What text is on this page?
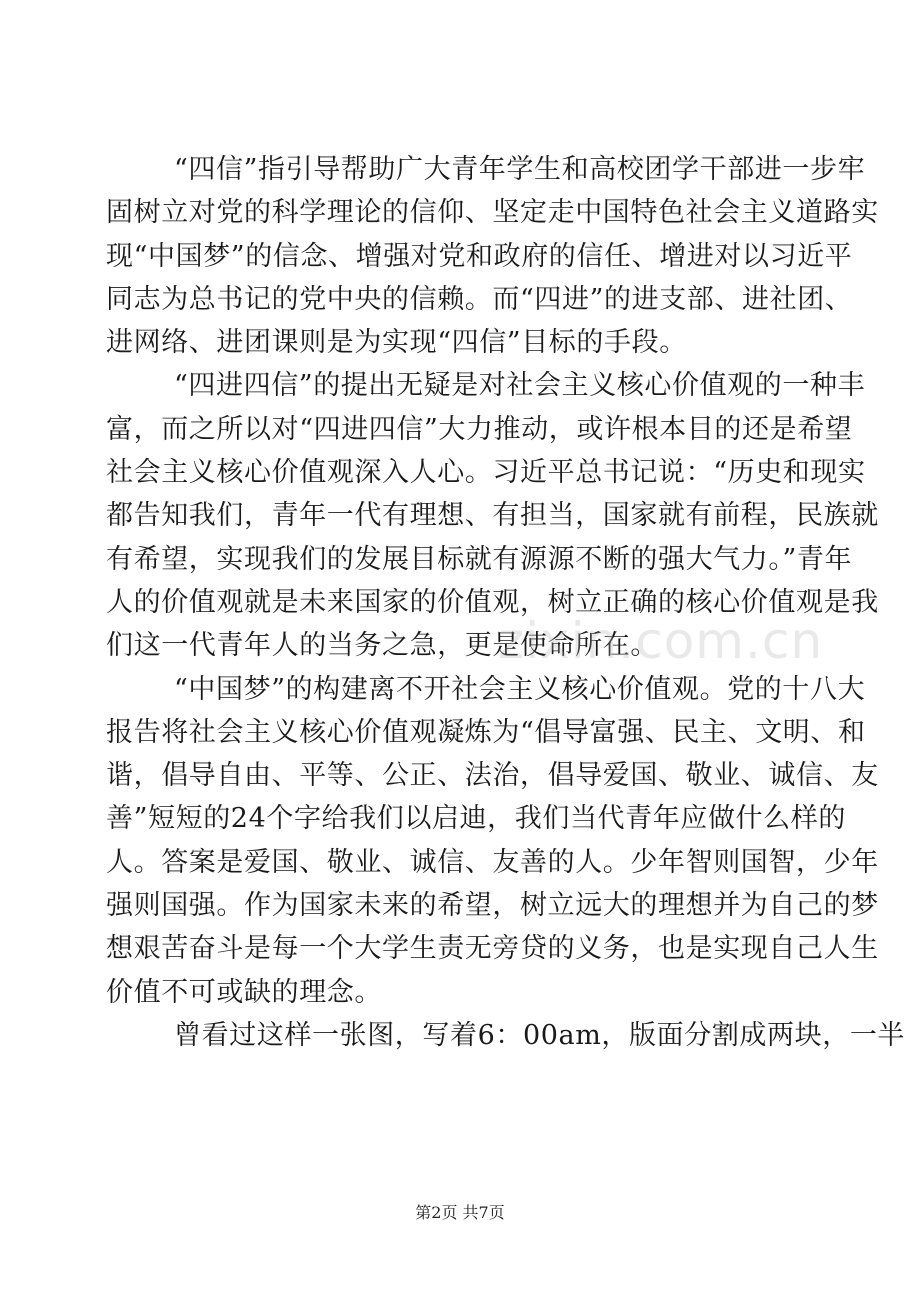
“四信”指引导帮助广大青年学生和高校团学干部进一步牢
固树立对党的科学理论的信仰、坚定走中国特色社会主义道路实
现“中国梦”的信念、增强对党和政府的信任、增进对以习近平
同志为总书记的党中央的信赖。而“四进”的进支部、进社团、
进网络、进团课则是为实现“四信”目标的手段。
“四进四信”的提出无疑是对社会主义核心价值观的一种丰
富，而之所以对“四进四信”大力推动，或许根本目的还是希望
社会主义核心价值观深入人心。习近平总书记说：“历史和现实
都告知我们，青年一代有理想、有担当，国家就有前程，民族就
有希望，实现我们的发展目标就有源源不断的强大气力。”青年
人的价值观就是未来国家的价值观，树立正确的核心价值观是我
们这一代青年人的当务之急，更是使命所在。
“中国梦”的构建离不开社会主义核心价值观。党的十八大
报告将社会主义核心价值观凝炼为“倡导富强、民主、文明、和
谐，倡导自由、平等、公正、法治，倡导爱国、敬业、诚信、友
善”短短的24个字给我们以启迪，我们当代青年应做什么样的
人。答案是爱国、敬业、诚信、友善的人。少年智则国智，少年
强则国强。作为国家未来的希望，树立远大的理想并为自己的梦
想艰苦奋斗是每一个大学生责无旁贷的义务，也是实现自己人生
价值不可或缺的理念。
曾看过这样一张图，写着6：00am，版面分割成两块，一半
zixin.com.cn
第2页 共7页
